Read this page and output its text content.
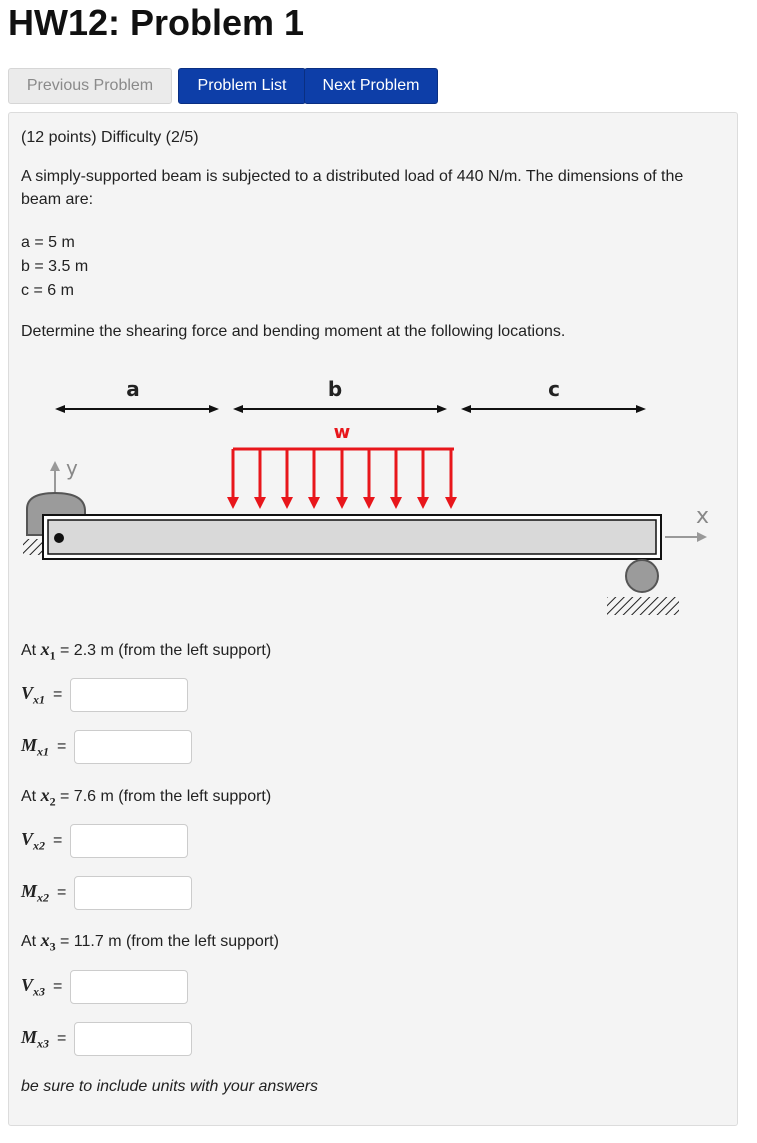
HW12: Problem 1
Previous Problem	Problem List	Next Problem
(12 points) Difficulty (2/5)
A simply-supported beam is subjected to a distributed load of 440 N/m. The dimensions of the beam are:
a = 5 m
b = 3.5 m
c = 6 m
Determine the shearing force and bending moment at the following locations.
a	b	c
w
y
x
At $x_1 = 2.3$ m (from the left support)
$V_{x1}$ =
$M_{x1}$ =
At $x_2 = 7.6$ m (from the left support)
$V_{x2}$ =
$M_{x2}$ =
At $x_3 = 11.7$ m (from the left support)
$V_{x3}$ =
$M_{x3}$ =
be sure to include units with your answers
